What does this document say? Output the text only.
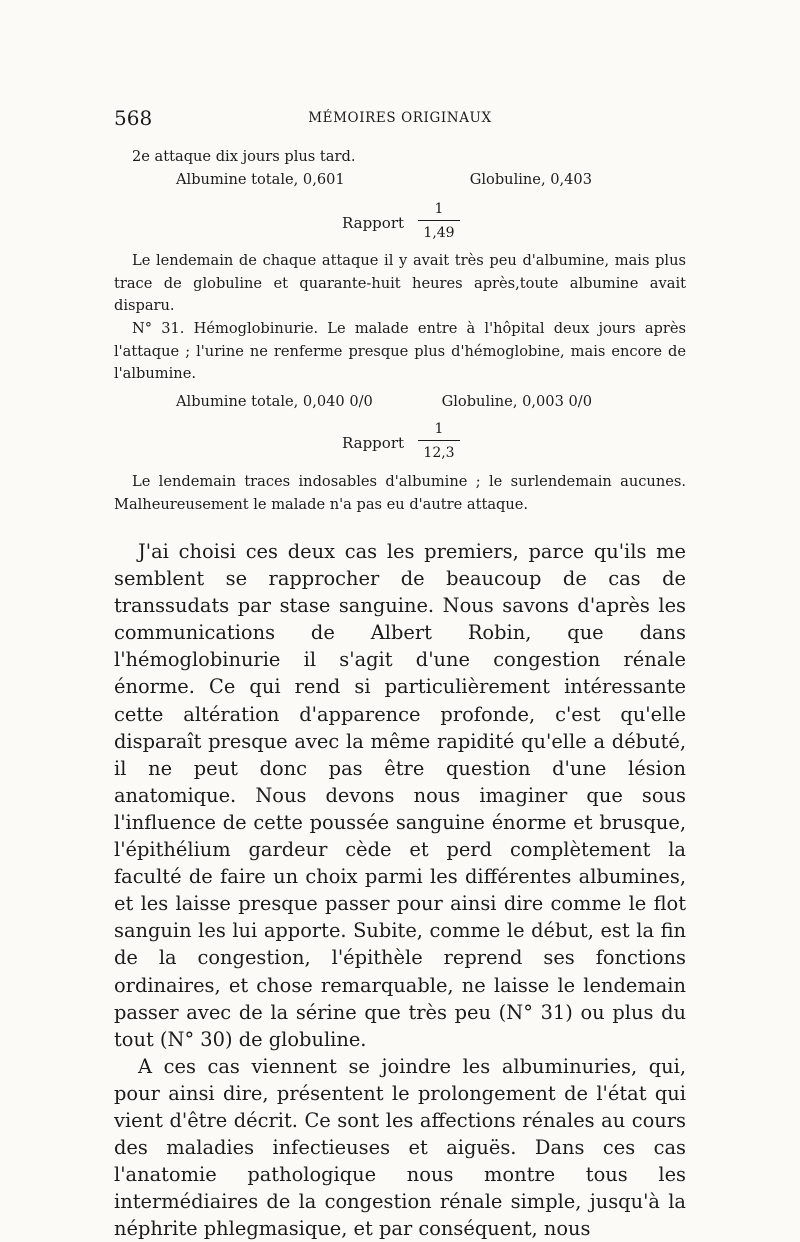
568	MÉMOIRES ORIGINAUX

2e attaque dix jours plus tard.

Albumine totale, 0,601	Globuline, 0,403
Rapport
1
1,49

Le lendemain de chaque attaque il y avait très peu d'albumine, mais plus trace de globuline et quarante-huit heures après,toute albumine avait disparu.

N° 31. Hémoglobinurie. Le malade entre à l'hôpital deux jours après l'attaque ; l'urine ne renferme presque plus d'hémoglobine, mais encore de l'albumine.

Albumine totale, 0,040 0/0	Globuline, 0,003 0/0
Rapport
1
12,3

Le lendemain traces indosables d'albumine ; le surlendemain aucunes. Malheureusement le malade n'a pas eu d'autre attaque.

J'ai choisi ces deux cas les premiers, parce qu'ils me semblent se rapprocher de beaucoup de cas de transsudats par stase sanguine. Nous savons d'après les communications de Albert Robin, que dans l'hémoglobinurie il s'agit d'une congestion rénale énorme. Ce qui rend si particulièrement intéressante cette altération d'apparence profonde, c'est qu'elle disparaît presque avec la même rapidité qu'elle a débuté, il ne peut donc pas être question d'une lésion anatomique. Nous devons nous imaginer que sous l'influence de cette poussée sanguine énorme et brusque, l'épithélium gardeur cède et perd complètement la faculté de faire un choix parmi les différentes albumines, et les laisse presque passer pour ainsi dire comme le flot sanguin les lui apporte. Subite, comme le début, est la fin de la congestion, l'épithèle reprend ses fonctions ordinaires, et chose remarquable, ne laisse le lendemain passer avec de la sérine que très peu (N° 31) ou plus du tout (N° 30) de globuline.

A ces cas viennent se joindre les albuminuries, qui, pour ainsi dire, présentent le prolongement de l'état qui vient d'être décrit. Ce sont les affections rénales au cours des maladies infectieuses et aiguës. Dans ces cas l'anatomie pathologique nous montre tous les intermédiaires de la congestion rénale simple, jusqu'à la néphrite phlegmasique, et par conséquent, nous
